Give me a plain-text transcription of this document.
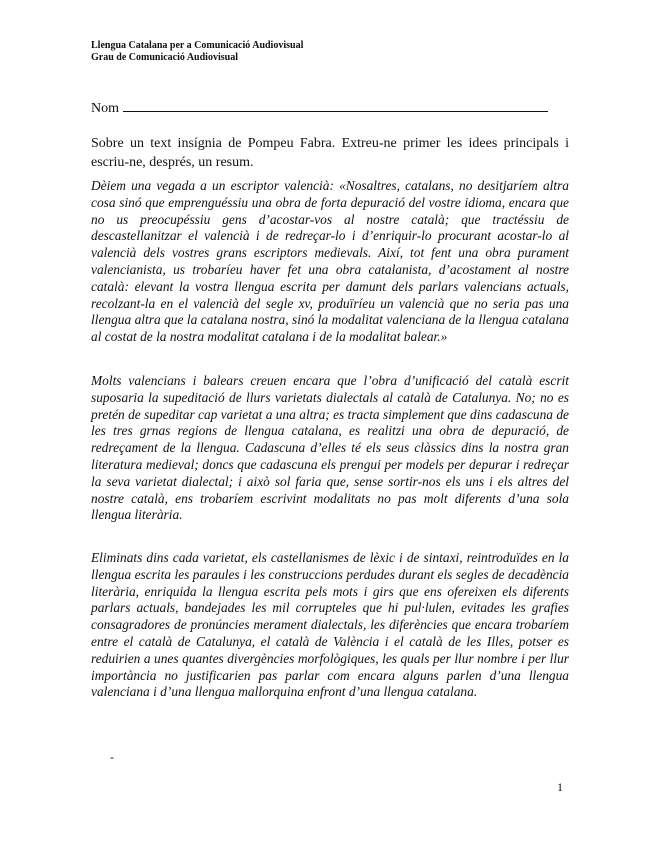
Llengua Catalana per a Comunicació Audiovisual
Grau de Comunicació Audiovisual
Nom
Sobre un text insígnia de Pompeu Fabra. Extreu-ne primer les idees principals i escriu-ne, després, un resum.
Dèiem una vegada a un escriptor valencià: «Nosaltres, catalans, no desitjaríem altra cosa sinó que emprenguéssiu una obra de forta depuració del vostre idioma, encara que no us preocupéssiu gens d’acostar-vos al nostre català; que tractéssiu de descastellanitzar el valencià i de redreçar-lo i d’enriquir-lo procurant acostar-lo al valencià dels vostres grans escriptors medievals. Així, tot fent una obra purament valencianista, us trobaríeu haver fet una obra catalanista, d’acostament al nostre català: elevant la vostra llengua escrita per damunt dels parlars valencians actuals, recolzant-la en el valencià del segle xv, produïríeu un valencià que no seria pas una llengua altra que la catalana nostra, sinó la modalitat valenciana de la llengua catalana al costat de la nostra modalitat catalana i de la modalitat balear.»
Molts valencians i balears creuen encara que l’obra d’unificació del català escrit suposaria la supeditació de llurs varietats dialectals al català de Catalunya. No; no es pretén de supeditar cap varietat a una altra; es tracta simplement que dins cadascuna de les tres grnas regions de llengua catalana, es realitzi una obra de depuració, de redreçament de la llengua. Cadascuna d’elles té els seus clàssics dins la nostra gran literatura medieval; doncs que cadascuna els prengui per models per depurar i redreçar la seva varietat dialectal; i això sol faria que, sense sortir-nos els uns i els altres del nostre català, ens trobaríem escrivint modalitats no pas molt diferents d’una sola llengua literària.
Eliminats dins cada varietat, els castellanismes de lèxic i de sintaxi, reintroduïdes en la llengua escrita les paraules i les construccions perdudes durant els segles de decadència literària, enriquida la llengua escrita pels mots i girs que ens ofereixen els diferents parlars actuals, bandejades les mil corrupteles que hi pul·lulen, evitades les grafies consagradores de pronúncies merament dialectals, les diferències que encara trobaríem entre el català de Catalunya, el català de València i el català de les Illes, potser es reduirien a unes quantes divergències morfològiques, les quals per llur nombre i per llur importància no justificarien pas parlar com encara alguns parlen d’una llengua valenciana i d’una llengua mallorquina enfront d’una llengua catalana.
-
1
